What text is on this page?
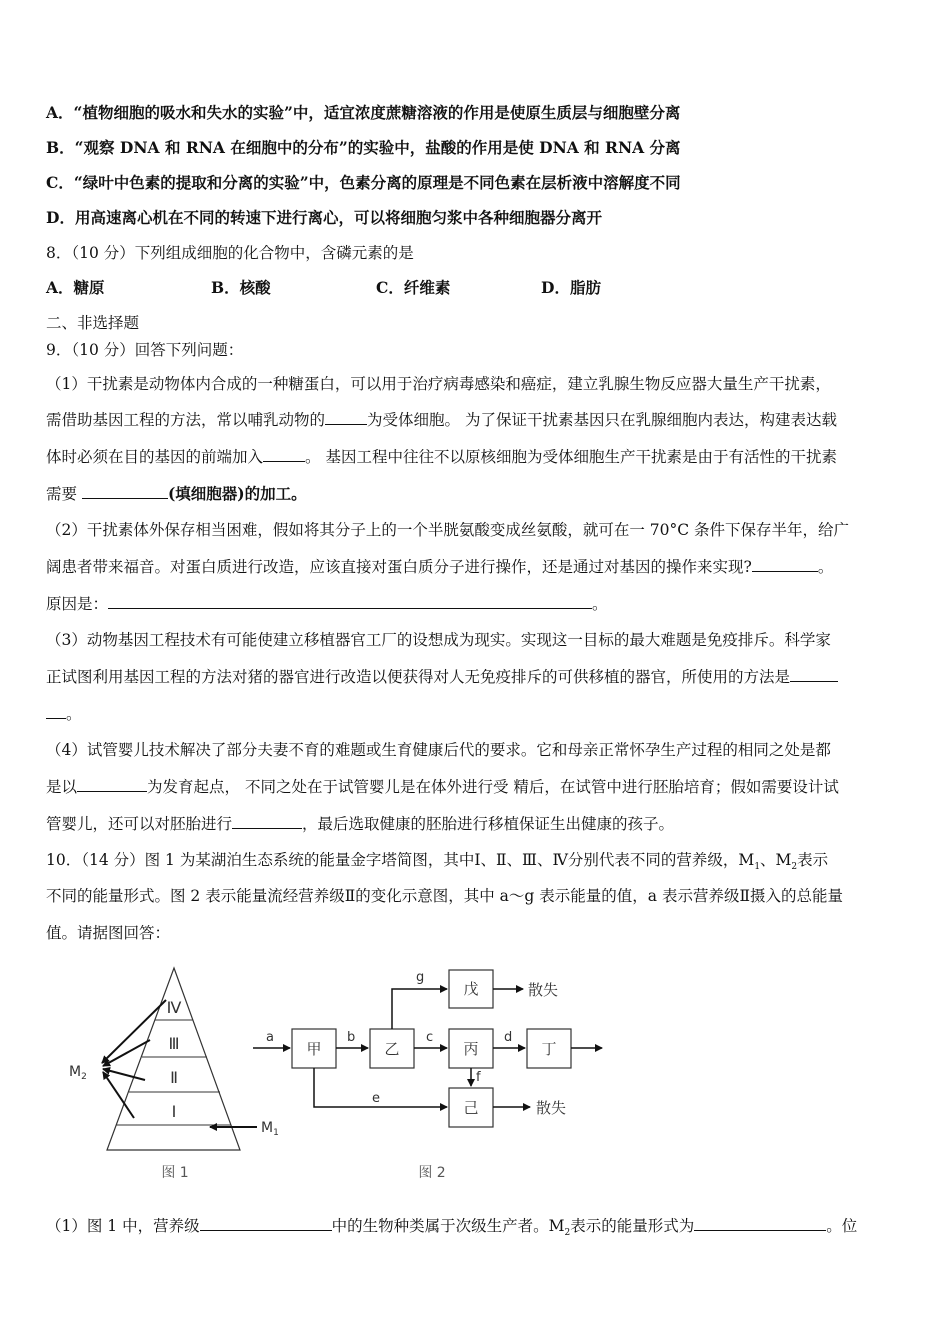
A．“植物细胞的吸水和失水的实验”中，适宜浓度蔗糖溶液的作用是使原生质层与细胞壁分离
B．“观察 DNA 和 RNA 在细胞中的分布”的实验中，盐酸的作用是使 DNA 和 RNA 分离
C．“绿叶中色素的提取和分离的实验”中，色素分离的原理是不同色素在层析液中溶解度不同
D．用高速离心机在不同的转速下进行离心，可以将细胞匀浆中各种细胞器分离开
8．（10 分）下列组成细胞的化合物中，含磷元素的是
A．糖原	B．核酸	C．纤维素	D．脂肪
二、非选择题
9．（10 分）回答下列问题：
（1）干扰素是动物体内合成的一种糖蛋白，可以用于治疗病毒感染和癌症，建立乳腺生物反应器大量生产干扰素，
需借助基因工程的方法，常以哺乳动物的	为受体细胞。 为了保证干扰素基因只在乳腺细胞内表达，构建表达载
体时必须在目的基因的前端加入	。 基因工程中往往不以原核细胞为受体细胞生产干扰素是由于有活性的干扰素
需要	(填细胞器)的加工。
（2）干扰素体外保存相当困难，假如将其分子上的一个半胱氨酸变成丝氨酸，就可在一 70°C 条件下保存半年，给广
阔患者带来福音。对蛋白质进行改造，应该直接对蛋白质分子进行操作，还是通过对基因的操作来实现?	。
原因是：	。
（3）动物基因工程技术有可能使建立移植器官工厂的设想成为现实。实现这一目标的最大难题是免疫排斥。科学家
正试图利用基因工程的方法对猪的器官进行改造以便获得对人无免疫排斥的可供移植的器官，所使用的方法是
。
（4）试管婴儿技术解决了部分夫妻不育的难题或生育健康后代的要求。它和母亲正常怀孕生产过程的相同之处是都
是以	为发育起点， 不同之处在于试管婴儿是在体外进行受 精后，在试管中进行胚胎培育；假如需要设计试
管婴儿，还可以对胚胎进行	，最后选取健康的胚胎进行移植保证生出健康的孩子。
10．（14 分）图 1 为某湖泊生态系统的能量金字塔简图，其中Ⅰ、Ⅱ、Ⅲ、Ⅳ分别代表不同的营养级，$M_1$、$M_2$表示
不同的能量形式。图 2 表示能量流经营养级Ⅱ的变化示意图，其中 a～g 表示能量的值，a 表示营养级Ⅱ摄入的总能量
值。请据图回答：
Ⅳ
Ⅲ
Ⅱ
Ⅰ
$M_2$
$M_1$
图 1
甲	乙	丙	丁
戊
己
a	b	c	d
g
散失
e
f
散失
图 2
（1）图 1 中，营养级	中的生物种类属于次级生产者。$M_2$表示的能量形式为	。位
